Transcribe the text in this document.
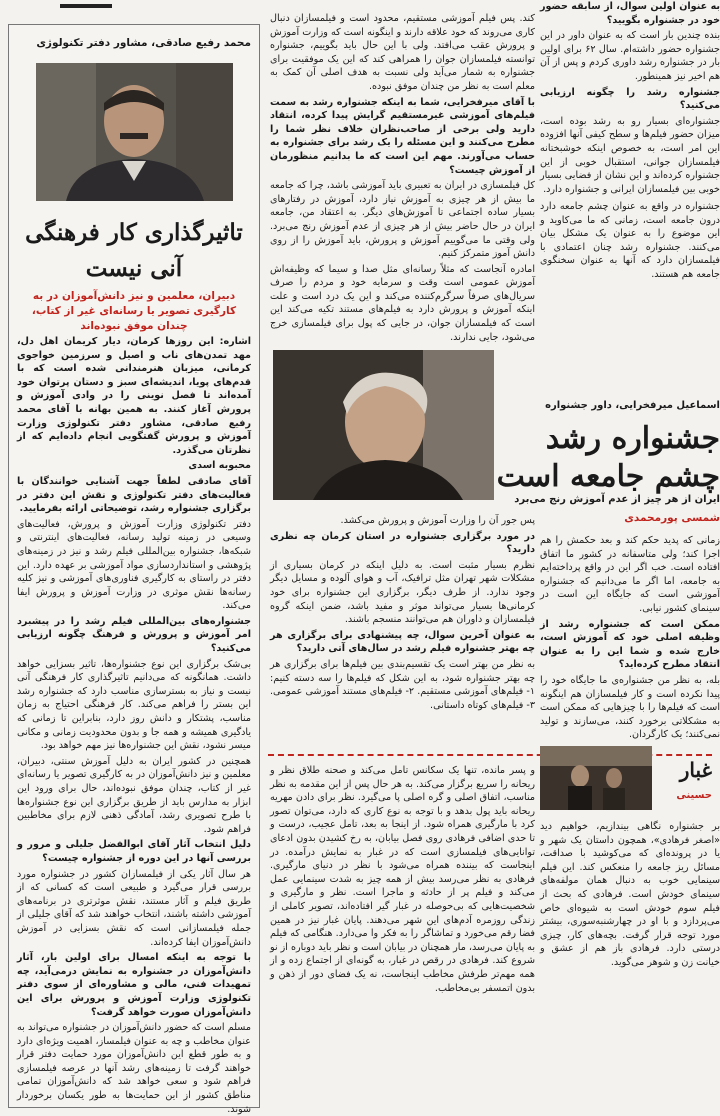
محمد رفیع صادقی، مشاور دفتر تکنولوژی
تاثیرگذاری کار فرهنگی
آنی نیست
دبیران، معلمین و نیز دانش‌آموزان در به کارگیری تصویر یا رسانه‌ای غیر از کتاب، چندان موفق نبوده‌اند

اشاره: این روزها کرمان، دیار کریمان اهل دل، مهد تمدن‌های ناب و اصیل و سرزمین خواجوی کرمانی، میزبان هنرمندانی شده است که با قدم‌های پویا، اندیشه‌ای سبز و دستان پرتوان خود آمده‌اند تا فصل نوینی را در وادی آموزش و پرورش آغاز کنند. به همین بهانه با آقای محمد رفیع صادقی، مشاور دفتر تکنولوژی وزارت آموزش و پرورش گفتگویی انجام داده‌ایم که از نظرتان می‌گذرد.

محبوبه اسدی

آقای صادقی لطفاً جهت آشنایی خوانندگان با فعالیت‌های دفتر تکنولوژی و نقش این دفتر در برگزاری جشنواره رشد، توضیحاتی ارائه بفرمایید.

دفتر تکنولوژی وزارت آموزش و پرورش، فعالیت‌های وسیعی در زمینه تولید رسانه، فعالیت‌های اینترنتی و شبکه‌ها، جشنواره بین‌المللی فیلم رشد و نیز در زمینه‌های پژوهشی و استانداردسازی مواد آموزشی بر عهده دارد. این دفتر در راستای به کارگیری فناوری‌های آموزشی و نیز کلیه رسانه‌ها نقش موثری در وزارت آموزش و پرورش ایفا می‌کند.

جشنواره‌های بین‌المللی فیلم رشد را در پیشبرد امر آموزش و پرورش و فرهنگ چگونه ارزیابی می‌کنید؟

بی‌شک برگزاری این نوع جشنواره‌ها، تاثیر بسزایی خواهد داشت. همانگونه که می‌دانیم تاثیرگذاری کار فرهنگی آنی نیست و نیاز به بسترسازی مناسب دارد که جشنواره رشد این بستر را فراهم می‌کند. کار فرهنگی احتیاج به زمان مناسب، پشتکار و دانش روز دارد، بنابراین تا زمانی که یادگیری همیشه و همه جا و بدون محدودیت زمانی و مکانی میسر نشود، نقش این جشنواره‌ها نیز مهم خواهد بود.

همچنین در کشور ایران به دلیل آموزش سنتی، دبیران، معلمین و نیز دانش‌آموزان در به کارگیری تصویر یا رسانه‌ای غیر از کتاب، چندان موفق نبوده‌اند، حال برای ورود این ابزار به مدارس باید از طریق برگزاری این نوع جشنواره‌ها با طرح تصویری رشد، آمادگی ذهنی لازم برای مخاطبین فراهم شود.

دلیل انتخاب آثار آقای ابوالفضل جلیلی و مرور و بررسی آنها در این دوره از جشنواره چیست؟

هر سال آثار یکی از فیلمسازان کشور در جشنواره مورد بررسی قرار می‌گیرد و طبیعی است که کسانی که از طریق فیلم و آثار مستند، نقش موثرتری در برنامه‌های آموزشی داشته باشند، انتخاب خواهند شد که آقای جلیلی از جمله فیلمسازانی است که نقش بسزایی در آموزش دانش‌آموزان ایفا کرده‌اند.

با توجه به اینکه امسال برای اولین بار، آثار دانش‌آموزان در جشنواره به نمایش درمی‌آید، چه تمهیدات فنی، مالی و مشاوره‌ای از سوی دفتر تکنولوژی وزارت آموزش و پرورش برای این دانش‌آموزان صورت خواهد گرفت؟

مسلم است که حضور دانش‌آموزان در جشنواره می‌تواند به عنوان مخاطب و چه به عنوان فیلمساز، اهمیت ویژه‌ای دارد و به طور قطع این دانش‌آموزان مورد حمایت دفتر قرار خواهند گرفت تا زمینه‌های رشد آنها در عرصه فیلمسازی فراهم شود و سعی خواهد شد که دانش‌آموزان تمامی مناطق کشور از این حمایت‌ها به طور یکسان برخوردار شوند.

کند. پس فیلم آموزشی مستقیم، محدود است و فیلمسازان دنبال کاری می‌روند که خود علاقه دارند و اینگونه است که وزارت آموزش و پرورش عقب می‌افتد. ولی با این حال باید بگوییم، جشنواره توانسته فیلمسازان جوان را همراهی کند که این یک موفقیت برای جشنواره به شمار می‌آید ولی نسبت به هدف اصلی آن کمک به معلم است به نظر من چندان موفق نبوده.

با آقای میرفخرایی، شما به اینکه جشنواره رشد به سمت فیلم‌های آموزشی غیرمستقیم گرایش پیدا کرده، انتقاد دارید ولی برخی از صاحب‌نظران خلاف نظر شما را مطرح می‌کنند و این مسئله را یک رشد برای جشنواره به حساب می‌آورند. مهم این است که ما بدانیم منظورمان از آموزش چیست؟

کل فیلمسازی در ایران به تعبیری باید آموزشی باشد، چرا که جامعه ما بیش از هر چیزی به آموزش نیاز دارد، آموزش در رفتارهای بسیار ساده اجتماعی تا آموزش‌های دیگر. به اعتقاد من، جامعه ایران در حال حاضر بیش از هر چیزی از عدم آموزش رنج می‌برد. ولی وقتی ما می‌گوییم آموزش و پرورش، باید آموزش را از روی دانش آموز متمرکز کنیم.

امادره آنجاست که مثلاً رسانه‌ای مثل صدا و سیما که وظیفه‌اش آموزش عمومی است وقت و سرمایه خود و مردم را صرف سریال‌های صرفاً سرگرم‌کننده می‌کند و این یک درد است و علت اینکه آموزش و پرورش دارد به فیلم‌های مستند تکیه می‌کند این است که فیلمسازان جوان، در جایی که پول برای فیلمسازی خرج می‌شود، جایی ندارند.

پس جور آن را وزارت آموزش و پرورش می‌کشد.

در مورد برگزاری جشنواره در استان کرمان چه نظری دارید؟

نظرم بسیار مثبت است. به دلیل اینکه در کرمان بسیاری از مشکلات شهر تهران مثل ترافیک، آب و هوای آلوده و مسایل دیگر وجود ندارد. از طرف دیگر، برگزاری این جشنواره برای خود کرمانی‌ها بسیار می‌تواند موثر و مفید باشد، ضمن اینکه گروه فیلمسازان و داوران هم می‌توانند منسجم باشند.

به عنوان آخرین سوال، چه پیشنهادی برای برگزاری هر چه بهتر جشنواره فیلم رشد در سال‌های آتی دارید؟

به نظر من بهتر است یک تقسیم‌بندی بین فیلم‌ها برای برگزاری هر چه بهتر جشنواره شود، به این شکل که فیلم‌ها را سه دسته کنیم: ۱- فیلم‌های آموزشی مستقیم. ۲- فیلم‌های مستند آموزشی عمومی. ۳- فیلم‌های کوتاه داستانی.

به عنوان اولین سوال، از سابقه حضور خود در جشنواره بگویید؟

بنده چندین بار است که به عنوان داور در این جشنواره حضور داشته‌ام. سال ۶۲ برای اولین بار در جشنواره رشد داوری کردم و پس از آن هم اخیر نیز همینطور.

جشنواره رشد را چگونه ارزیابی می‌کنید؟

جشنواره‌ای بسیار رو به رشد بوده است، میزان حضور فیلم‌ها و سطح کیفی آنها افزوده این امر است، به خصوص اینکه خوشبختانه فیلمسازان جوانی، استقبال خوبی از این جشنواره کرده‌اند و این نشان از فضایی بسیار خوبی بین فیلمسازان ایرانی و جشنواره دارد.

جشنواره در واقع به عنوان چشم جامعه دارد درون جامعه است، زمانی که ما می‌کاوید و این موضوع را به عنوان یک مشکل بیان می‌کنند. جشنواره رشد چنان اعتمادی با فیلمسازان دارد که آنها به عنوان سخنگوی جامعه هم هستند.

اسماعیل میرفخرایی، داور جشنواره
جشنواره رشد
چشم جامعه است
ایران از هر چیز از عدم آموزش رنج می‌برد
شمسی پورمحمدی

زمانی که پدید حکم کند و بعد حکمش را هم اجرا کند؛ ولی متاسفانه در کشور ما اتفاق افتاده است. خب اگر این در واقع پرداخته‌ایم به جامعه، اما اگر ما می‌دانیم که جشنواره آموزشی است که جایگاه این است در سینمای کشور نیابی.

ممکن است که جشنواره رشد از وظیفه اصلی خود که آموزش است، خارج شده و شما این را به عنوان انتقاد مطرح کرده‌اید؟

بله، به نظر من جشنواره‌ی ما جایگاه خود را پیدا نکرده است و کار فیلمسازان هم اینگونه است که فیلم‌ها را با چیزهایی که ممکن است به مشکلاتی برخورد کنند، می‌سازند و تولید نمی‌کنند؛ یک کارگردان.

و پسر مانده، تنها یک سکانس تامل می‌کند و صحنه طلاق نظر و ریحانه را سریع برگزار می‌کند. به هر حال پس از این مقدمه به نظر مناسب، اتفاق اصلی و گره اصلی پا می‌گیرد. نظر برای دادن مهریه ریحانه باید پول بدهد و با توجه به نوع کاری که دارد، می‌توان تصور کرد با مارگیری همراه شود. از اینجا به بعد، تامل عجیب، درست و تا حدی اضافی فرهادی روی فصل بیابان، به رخ کشیدن بدون ادعای توانایی‌های فیلمسازی است که در غبار به نمایش درآمده. در اینجاست که بیننده همراه می‌شود با نظر در دنیای مارگیری. فرهادی به نظر می‌رسد بیش از همه چیز به شدت سینمایی عمل می‌کند و فیلم پر از حادثه و ماجرا است. نظر و مارگیری و شخصیت‌هایی که بی‌حوصله در غبار گیر افتاده‌اند، تصویر کاملی از زندگی روزمره آدم‌های این شهر می‌دهند. پایان غبار نیز در همین فضا رقم می‌خورد و تماشاگر را به فکر وا می‌دارد. هنگامی که فیلم به پایان می‌رسد، مار همچنان در بیابان است و نظر باید دوباره از نو شروع کند. فرهادی در رقص در غبار، به گونه‌ای از اجتماع زده و از همه مهم‌تر طرفش مخاطب اینجاست، نه یک فضای دور از ذهن و بدون اتمسفر بی‌مخاطب.

غبار
حسینی

بر جشنواره نگاهی بیندازیم، خواهیم دید «اصغر فرهادی»، همچون داستان‌ یک شهر و یا در پرونده‌ای که می‌کوشید با صداقت، مسائل ریز جامعه را منعکس کند. این فیلم سینمایی خوب به دنبال همان مولفه‌های سینمای خودش است. فرهادی که بحث از فیلم‌ سوم خودش است به شیوه‌ای خاص می‌پردازد و با او در چهارشنبه‌سوری، بیشتر مورد توجه قرار گرفت. بچه‌های کار، چیزی درستی دارد. فرهادی باز هم از عشق و خیانت زن و شوهر می‌گوید.
